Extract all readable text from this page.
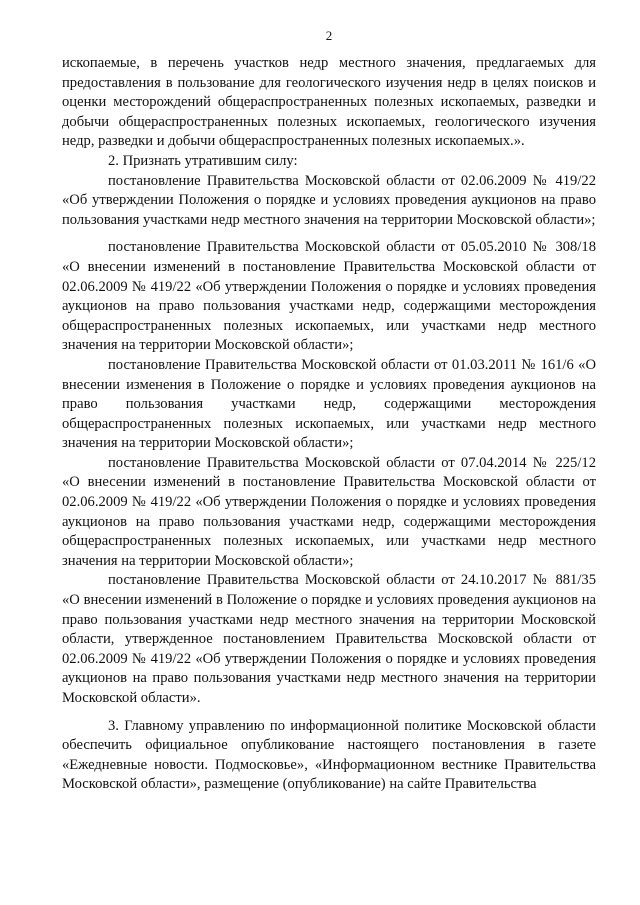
2

ископаемые, в перечень участков недр местного значения, предлагаемых для предоставления в пользование для геологического изучения недр в целях поисков и оценки месторождений общераспространенных полезных ископаемых, разведки и добычи общераспространенных полезных ископаемых, геологического изучения недр, разведки и добычи общераспространенных полезных ископаемых.».

2. Признать утратившим силу:

постановление Правительства Московской области от 02.06.2009 № 419/22 «Об утверждении Положения о порядке и условиях проведения аукционов на право пользования участками недр местного значения на территории Московской области»;

постановление Правительства Московской области от 05.05.2010 № 308/18 «О внесении изменений в постановление Правительства Московской области от 02.06.2009 № 419/22 «Об утверждении Положения о порядке и условиях проведения аукционов на право пользования участками недр, содержащими месторождения общераспространенных полезных ископаемых, или участками недр местного значения на территории Московской области»;

постановление Правительства Московской области от 01.03.2011 № 161/6 «О внесении изменения в Положение о порядке и условиях проведения аукционов на право пользования участками недр, содержащими месторождения общераспространенных полезных ископаемых, или участками недр местного значения на территории Московской области»;

постановление Правительства Московской области от 07.04.2014 № 225/12 «О внесении изменений в постановление Правительства Московской области от 02.06.2009 № 419/22 «Об утверждении Положения о порядке и условиях проведения аукционов на право пользования участками недр, содержащими месторождения общераспространенных полезных ископаемых, или участками недр местного значения на территории Московской области»;

постановление Правительства Московской области от 24.10.2017 № 881/35 «О внесении изменений в Положение о порядке и условиях проведения аукционов на право пользования участками недр местного значения на территории Московской области, утвержденное постановлением Правительства Московской области от 02.06.2009 № 419/22 «Об утверждении Положения о порядке и условиях проведения аукционов на право пользования участками недр местного значения на территории Московской области».

3. Главному управлению по информационной политике Московской области обеспечить официальное опубликование настоящего постановления в газете «Ежедневные новости. Подмосковье», «Информационном вестнике Правительства Московской области», размещение (опубликование) на сайте Правительства
